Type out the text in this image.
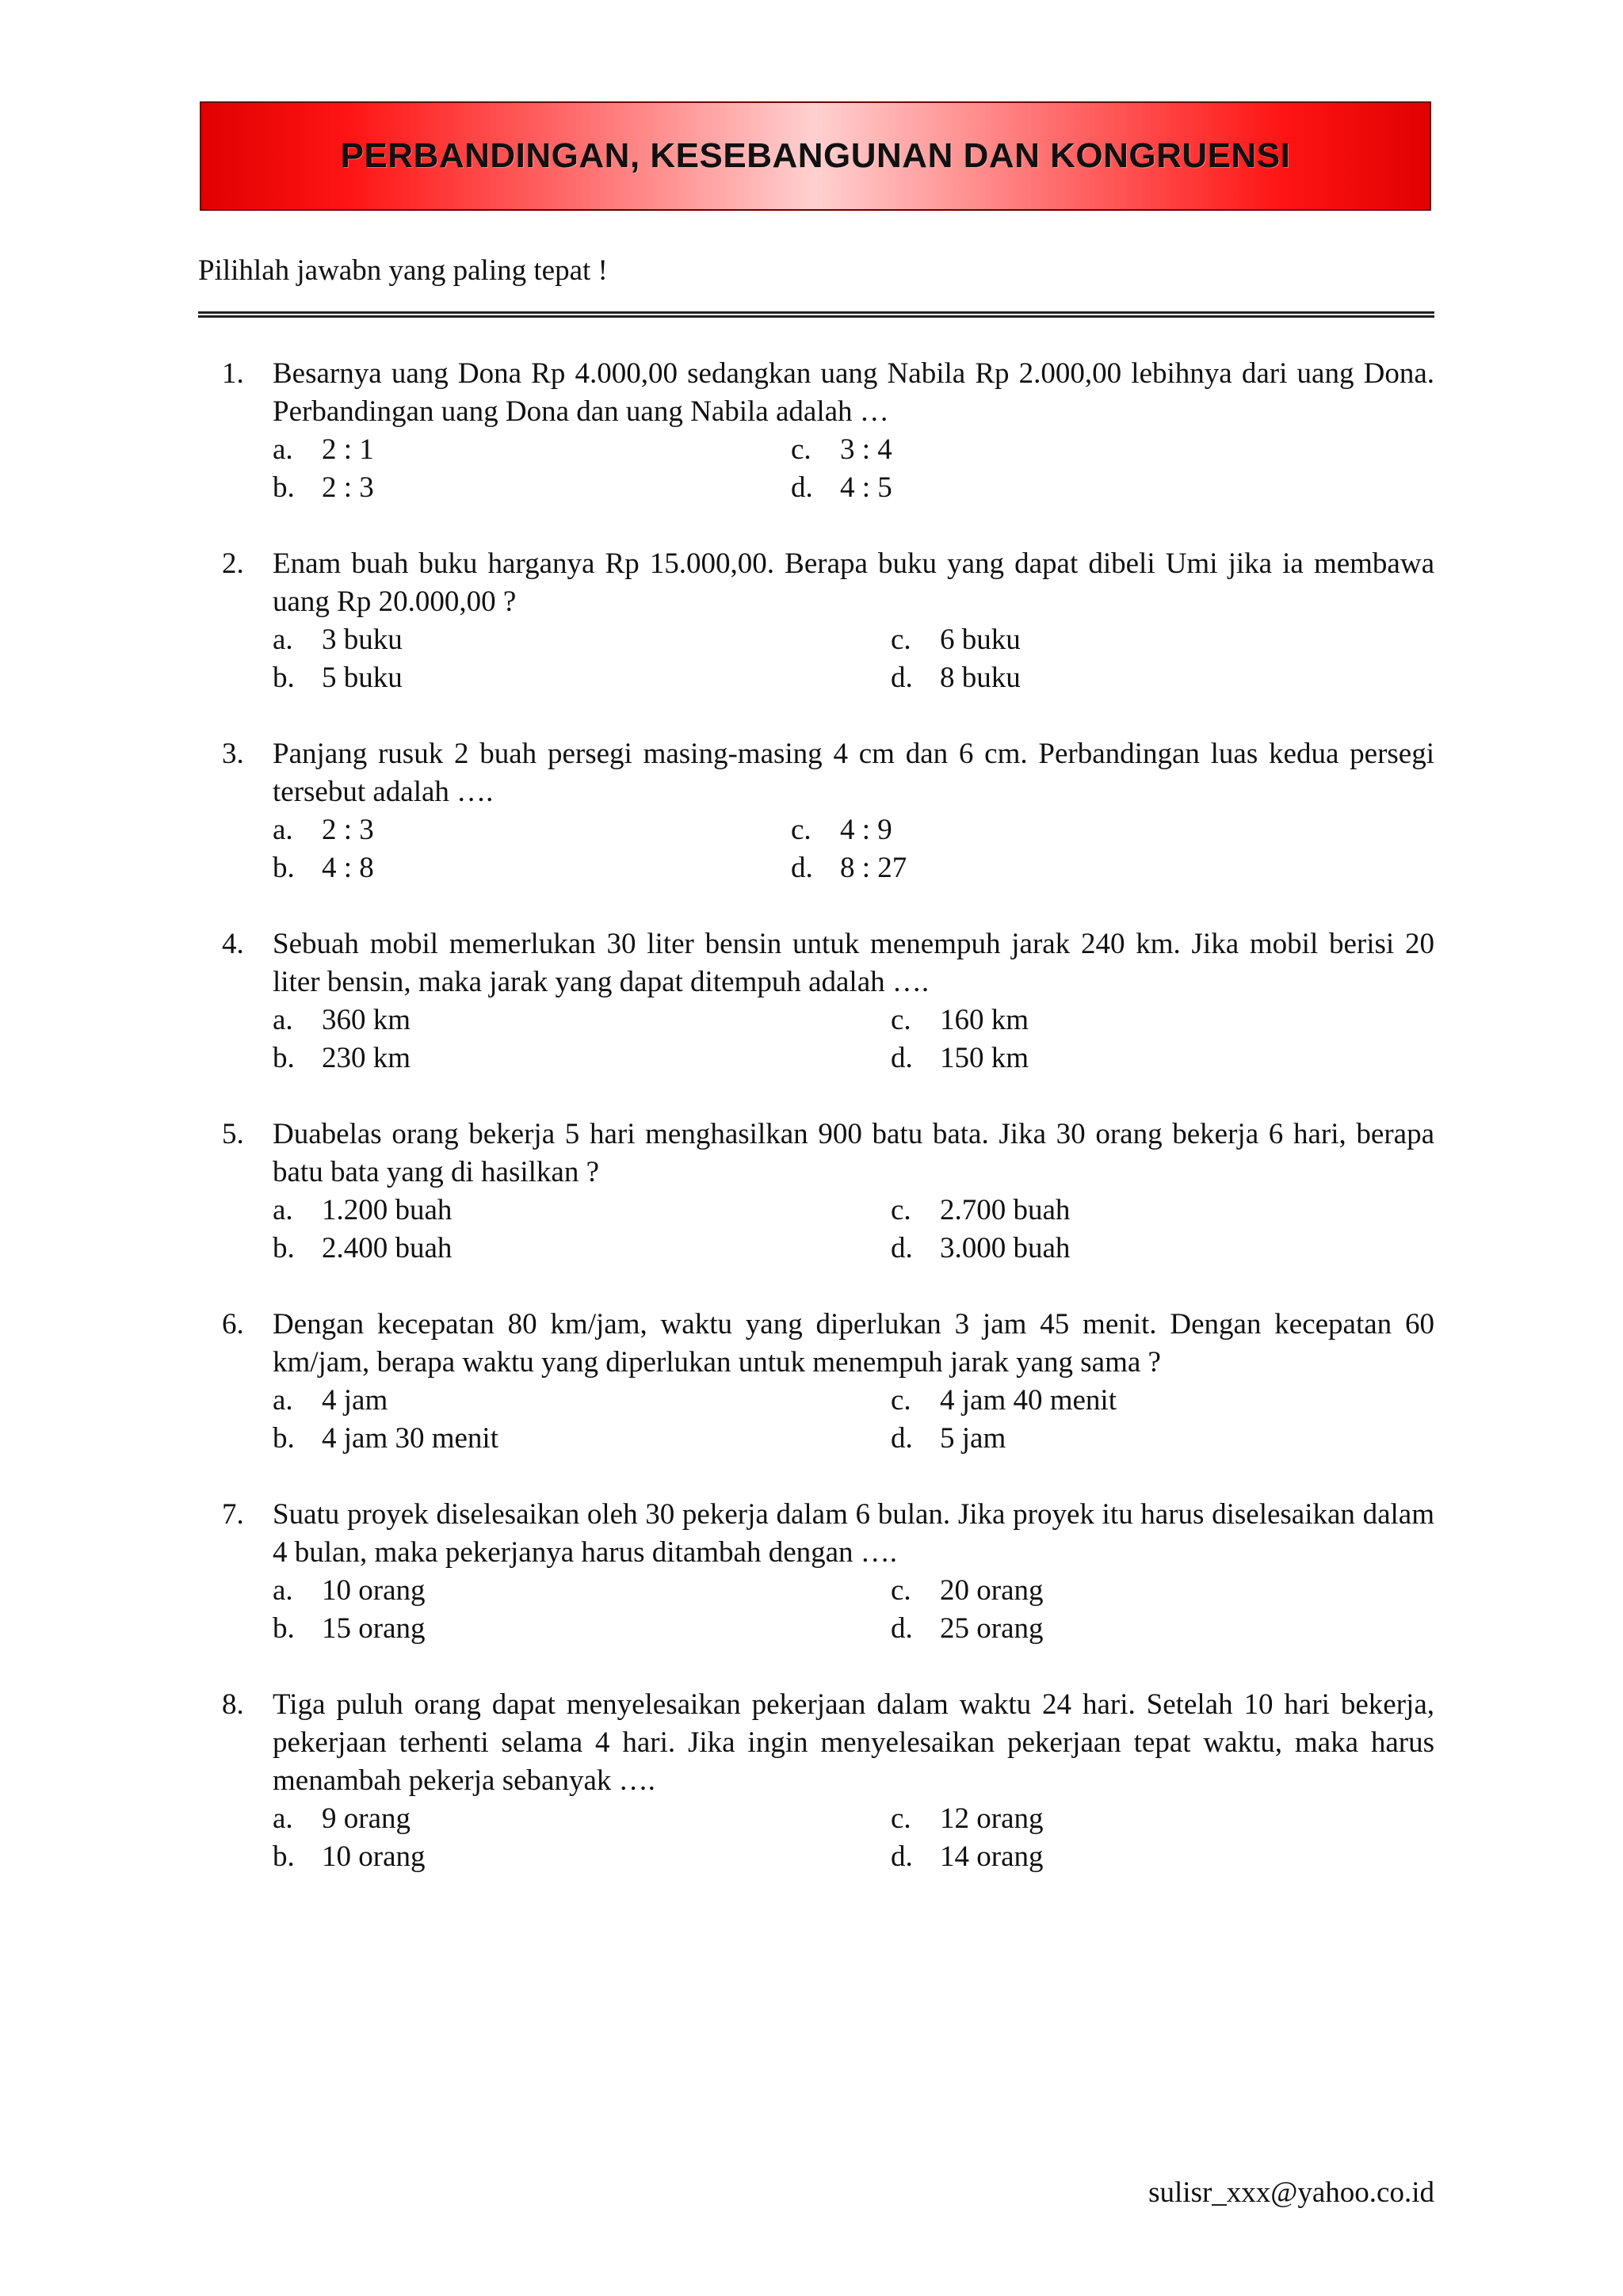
PERBANDINGAN, KESEBANGUNAN DAN KONGRUENSI
Pilihlah jawabn yang paling tepat !
1. Besarnya uang Dona Rp 4.000,00 sedangkan uang Nabila Rp 2.000,00 lebihnya dari uang Dona. Perbandingan uang Dona dan uang Nabila adalah …

a. 2 : 1	c. 3 : 4
b. 2 : 3	d. 4 : 5
2. Enam buah buku harganya Rp 15.000,00. Berapa buku yang dapat dibeli Umi jika ia membawa uang Rp 20.000,00 ?

a. 3 buku	c. 6 buku
b. 5 buku	d. 8 buku
3. Panjang rusuk 2 buah persegi masing-masing 4 cm dan 6 cm. Perbandingan luas kedua persegi tersebut adalah ….

a. 2 : 3	c. 4 : 9
b. 4 : 8	d. 8 : 27
4. Sebuah mobil memerlukan 30 liter bensin untuk menempuh jarak 240 km. Jika mobil berisi 20 liter bensin, maka jarak yang dapat ditempuh adalah ….

a. 360 km	c. 160 km
b. 230 km	d. 150 km
5. Duabelas orang bekerja 5 hari menghasilkan 900 batu bata. Jika 30 orang bekerja 6 hari, berapa batu bata yang di hasilkan ?

a. 1.200 buah	c. 2.700 buah
b. 2.400 buah	d. 3.000 buah
6. Dengan kecepatan 80 km/jam, waktu yang diperlukan 3 jam 45 menit. Dengan kecepatan 60 km/jam, berapa waktu yang diperlukan untuk menempuh jarak yang sama ?

a. 4 jam	c. 4 jam 40 menit
b. 4 jam 30 menit	d. 5 jam
7. Suatu proyek diselesaikan oleh 30 pekerja dalam 6 bulan. Jika proyek itu harus diselesaikan dalam 4 bulan, maka pekerjanya harus ditambah dengan ….

a. 10 orang	c. 20 orang
b. 15 orang	d. 25 orang
8. Tiga puluh orang dapat menyelesaikan pekerjaan dalam waktu 24 hari. Setelah 10 hari bekerja, pekerjaan terhenti selama 4 hari. Jika ingin menyelesaikan pekerjaan tepat waktu, maka harus menambah pekerja sebanyak ….

a. 9 orang	c. 12 orang
b. 10 orang	d. 14 orang
sulisr_xxx@yahoo.co.id
